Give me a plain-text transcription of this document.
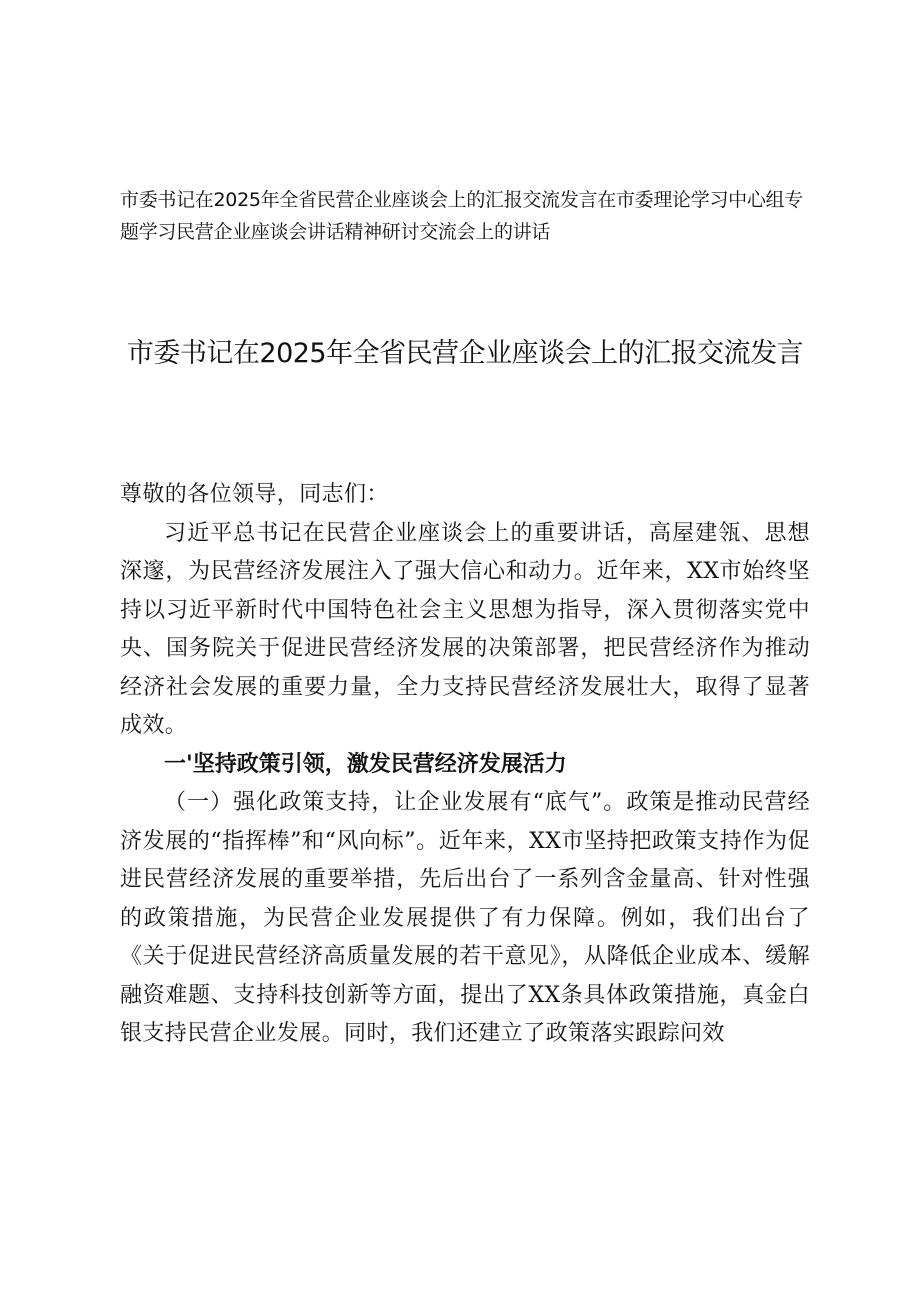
市委书记在2025年全省民营企业座谈会上的汇报交流发言在市委理论学习中心组专题学习民营企业座谈会讲话精神研讨交流会上的讲话
市委书记在2025年全省民营企业座谈会上的汇报交流发言

尊敬的各位领导，同志们：

习近平总书记在民营企业座谈会上的重要讲话，高屋建瓴、思想深邃，为民营经济发展注入了强大信心和动力。近年来，XX市始终坚持以习近平新时代中国特色社会主义思想为指导，深入贯彻落实党中央、国务院关于促进民营经济发展的决策部署，把民营经济作为推动经济社会发展的重要力量，全力支持民营经济发展壮大，取得了显著成效。

一'坚持政策引领，激发民营经济发展活力

（一）强化政策支持，让企业发展有“底气”。政策是推动民营经济发展的“指挥棒”和“风向标”。近年来，XX市坚持把政策支持作为促进民营经济发展的重要举措，先后出台了一系列含金量高、针对性强的政策措施，为民营企业发展提供了有力保障。例如，我们出台了《关于促进民营经济高质量发展的若干意见》，从降低企业成本、缓解融资难题、支持科技创新等方面，提出了XX条具体政策措施，真金白银支持民营企业发展。同时，我们还建立了政策落实跟踪问效
